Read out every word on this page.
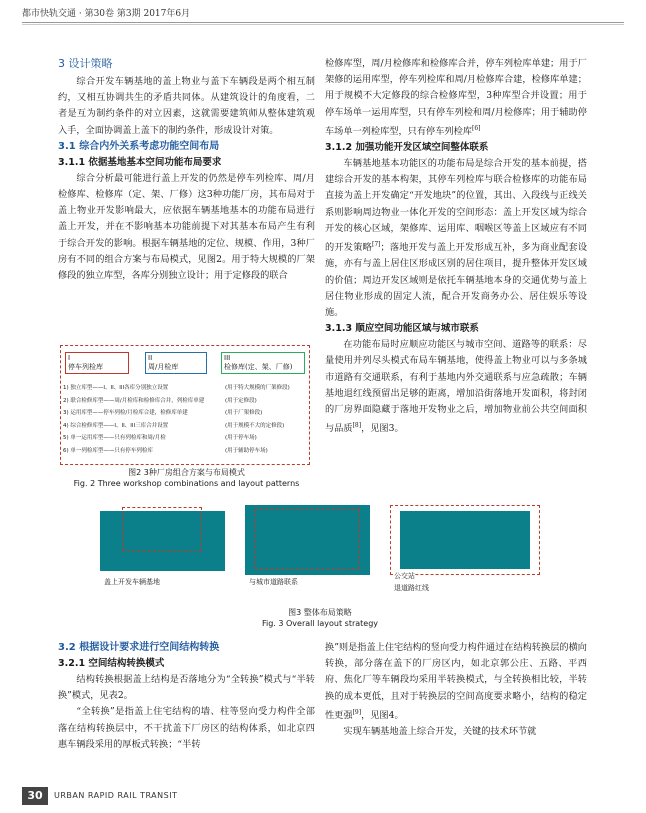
都市快轨交通 · 第30卷 第3期 2017年6月
3 设计策略

综合开发车辆基地的盖上物业与盖下车辆段是两个相互制约，又相互协调共生的矛盾共同体。从建筑设计的角度看，二者是互为制约条件的对立因素，这就需要建筑师从整体建筑观入手，全面协调盖上盖下的制约条件，形成设计对策。

3.1 综合内外关系考虑功能空间布局
3.1.1 依据基地基本空间功能布局要求

综合分析最可能进行盖上开发的仍然是停车列检库、周/月检修库、检修库（定、架、厂修）这3种功能厂房，其布局对于盖上物业开发影响最大，应依据车辆基地基本的功能布局进行盖上开发，并在不影响基本功能前提下对其基本布局产生有利于综合开发的影响。根据车辆基地的定位、规模、作用，3种厂房有不同的组合方案与布局模式，见图2。用于特大规模的厂架修段的独立库型，各库分别独立设计；用于定修段的联合

I
停车列检库
II
周/月检库
III
检修库(定、架、厂修)
1) 独立库型——I、II、III各库分别独立设置	(用于特大规模的厂架修段)
2) 联合检修库型——周/月检库和检修库合并，列检库单建	(用于定修段)
3) 运用库型——停车列检/月检库合建，检修库单建	(用于厂架修段)
4) 综合检修库型——I、II、III三库合并设置	(用于规模不大的定修段)
5) 单一运用库型——只有列检库和周/月检	(用于停车场)
6) 单一列检库型——只有停车列检库	(用于辅助停车场)
图2 3种厂房组合方案与布局模式
Fig. 2 Three workshop combinations and layout patterns

检修库型，周/月检修库和检修库合并，停车列检库单建；用于厂架修的运用库型，停车列检库和周/月检修库合建，检修库单建；用于规模不大定修段的综合检修库型，3种库型合并设置；用于停车场单一运用库型，只有停车列检和周/月检修库；用于辅助停车场单一列检库型，只有停车列检库[6]

3.1.2 加强功能开发区域空间整体联系

车辆基地基本功能区的功能布局是综合开发的基本前提，搭建综合开发的基本构架，其停车列检库与联合检修库的功能布局直接为盖上开发确定“开发地块”的位置，其出、入段线与正线关系则影响周边物业一体化开发的空间形态：盖上开发区域为综合开发的核心区域，架修库、运用库、咽喉区等盖上区域应有不同的开发策略[7]；落地开发与盖上开发形成互补，多为商业配套设施，亦有与盖上居住区形成区别的居住项目，提升整体开发区域的价值；周边开发区域则是依托车辆基地本身的交通优势与盖上居住物业形成的固定人流，配合开发商务办公、居住娱乐等设施。

3.1.3 顺应空间功能区域与城市联系

在功能布局时应顺应功能区与城市空间、道路等的联系：尽量使用并列尽头模式布局车辆基地，使得盖上物业可以与多条城市道路有交通联系，有利于基地内外交通联系与应急疏散；车辆基地退红线预留出足够的距离，增加沿街落地开发面积，将封闭的厂房界面隐藏于落地开发物业之后，增加物业前公共空间面积与品质[8]，见图3。

盖上开发车辆基地	与城市道路联系
公交站
退道路红线
图3 整体布局策略
Fig. 3 Overall layout strategy
3.2 根据设计要求进行空间结构转换
3.2.1 空间结构转换模式

结构转换根据盖上结构是否落地分为“全转换”模式与“半转换”模式，见表2。

“全转换”是指盖上住宅结构的墙、柱等竖向受力构件全部落在结构转换层中，不干扰盖下厂房区的结构体系，如北京四惠车辆段采用的厚板式转换；“半转

换”则是指盖上住宅结构的竖向受力构件通过在结构转换层的横向转换，部分落在盖下的厂房区内，如北京郭公庄、五路、平西府、焦化厂等车辆段均采用半转换模式，与全转换相比较，半转换的成本更低，且对于转换层的空间高度要求略小，结构的稳定性更强[9]，见图4。

实现车辆基地盖上综合开发，关键的技术环节就

30	URBAN RAPID RAIL TRANSIT
